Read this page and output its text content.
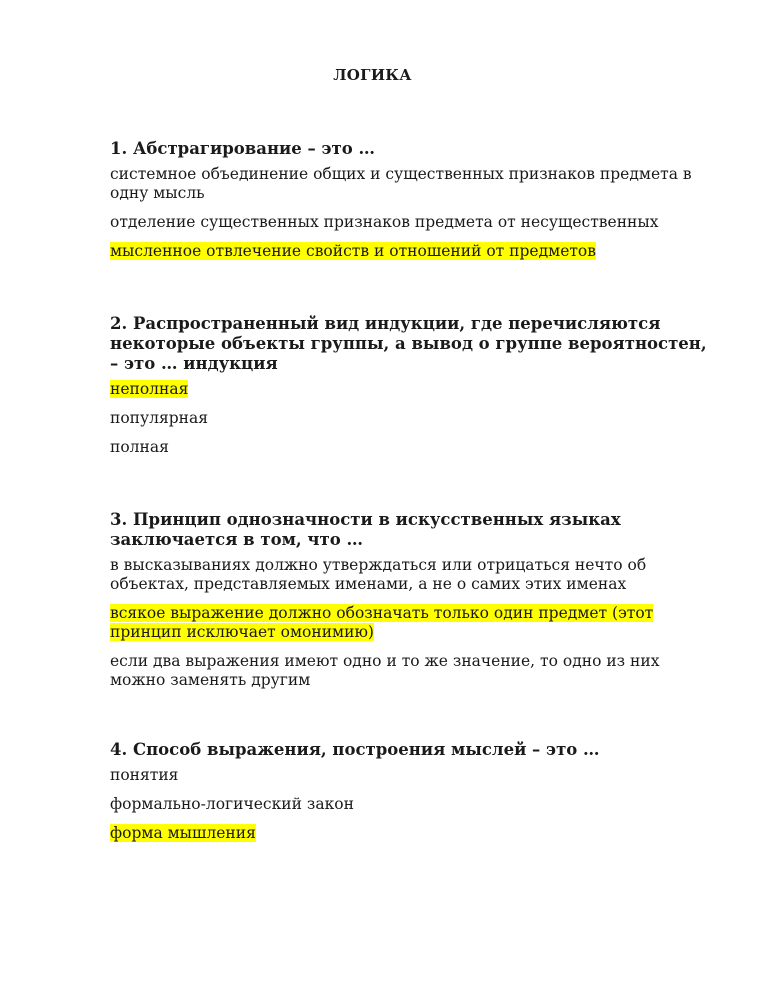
ЛОГИКА

1. Абстрагирование – это …

системное объединение общих и существенных признаков предмета в одну мысль

отделение существенных признаков предмета от несущественных

мысленное отвлечение свойств и отношений от предметов

2. Распространенный вид индукции, где перечисляются некоторые объекты группы, а вывод о группе вероятностен, – это … индукция

неполная

популярная

полная

3. Принцип однозначности в искусственных языках заключается в том, что …

в высказываниях должно утверждаться или отрицаться нечто об объектах, представляемых именами, а не о самих этих именах

всякое выражение должно обозначать только один предмет (этот принцип исключает омонимию)

если два выражения имеют одно и то же значение, то одно из них можно заменять другим

4. Способ выражения, построения мыслей – это …

понятия

формально-логический закон

форма мышления
